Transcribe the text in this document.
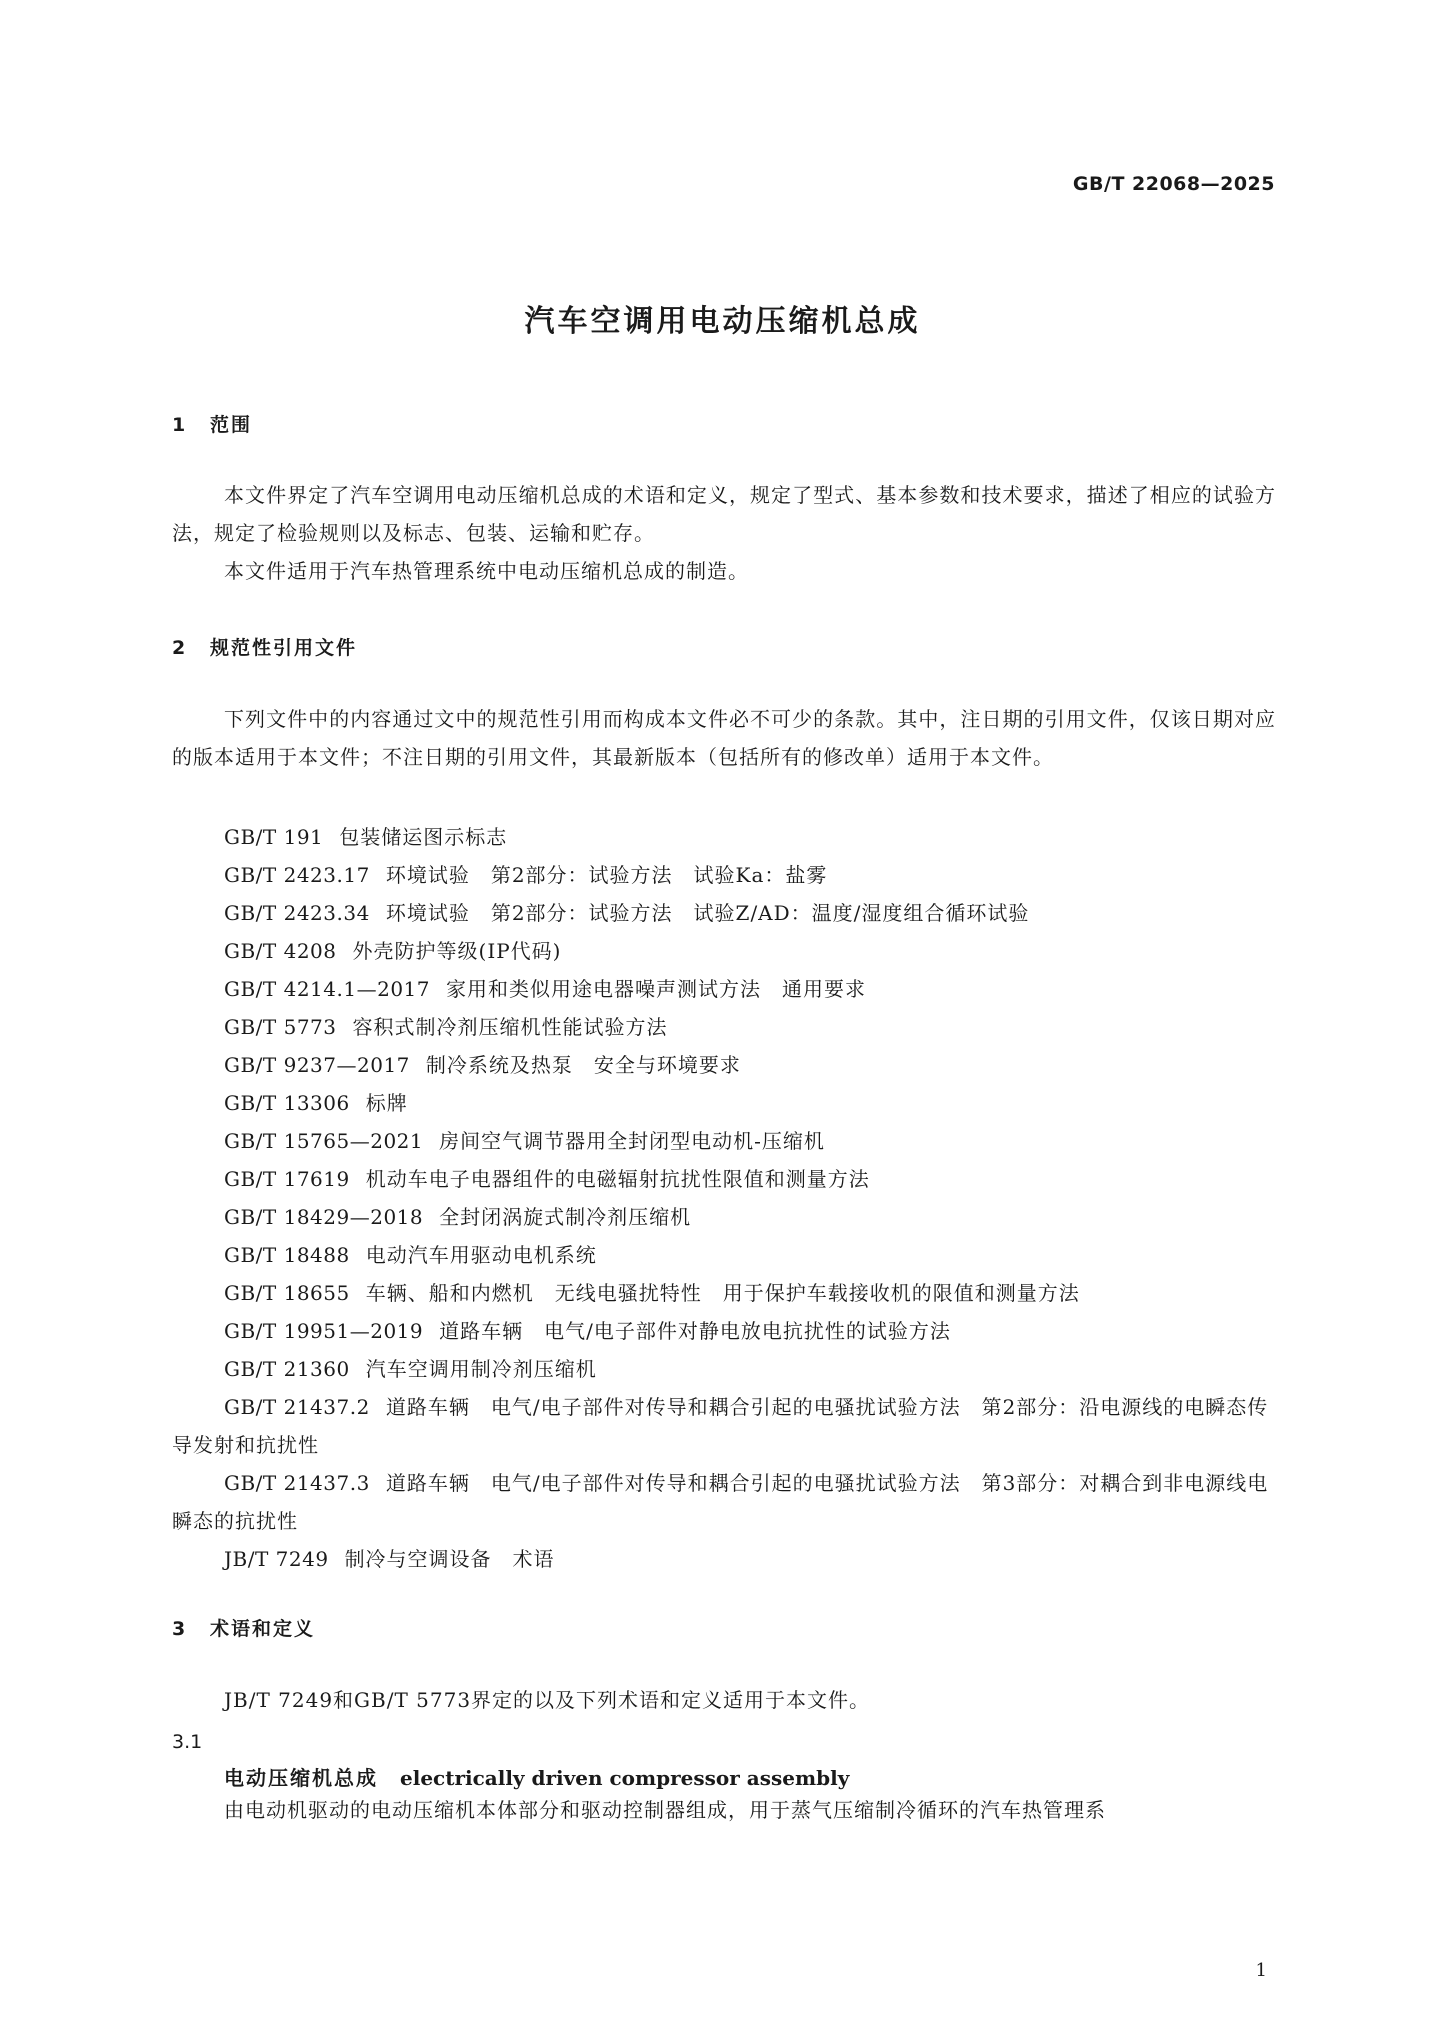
GB/T 22068—2025
汽车空调用电动压缩机总成
1 范围

本文件界定了汽车空调用电动压缩机总成的术语和定义，规定了型式、基本参数和技术要求，描述了相应的试验方法，规定了检验规则以及标志、包装、运输和贮存。

本文件适用于汽车热管理系统中电动压缩机总成的制造。

2 规范性引用文件

下列文件中的内容通过文中的规范性引用而构成本文件必不可少的条款。其中，注日期的引用文件，仅该日期对应的版本适用于本文件；不注日期的引用文件，其最新版本（包括所有的修改单）适用于本文件。

GB/T 191 包装储运图示标志
GB/T 2423.17 环境试验　第2部分：试验方法　试验Ka：盐雾
GB/T 2423.34 环境试验　第2部分：试验方法　试验Z/AD：温度/湿度组合循环试验
GB/T 4208 外壳防护等级(IP代码)
GB/T 4214.1—2017 家用和类似用途电器噪声测试方法　通用要求
GB/T 5773 容积式制冷剂压缩机性能试验方法
GB/T 9237—2017 制冷系统及热泵　安全与环境要求
GB/T 13306 标牌
GB/T 15765—2021 房间空气调节器用全封闭型电动机-压缩机
GB/T 17619 机动车电子电器组件的电磁辐射抗扰性限值和测量方法
GB/T 18429—2018 全封闭涡旋式制冷剂压缩机
GB/T 18488 电动汽车用驱动电机系统
GB/T 18655 车辆、船和内燃机　无线电骚扰特性　用于保护车载接收机的限值和测量方法
GB/T 19951—2019 道路车辆　电气/电子部件对静电放电抗扰性的试验方法
GB/T 21360 汽车空调用制冷剂压缩机
GB/T 21437.2 道路车辆　电气/电子部件对传导和耦合引起的电骚扰试验方法　第2部分：沿电源线的电瞬态传导发射和抗扰性
GB/T 21437.3 道路车辆　电气/电子部件对传导和耦合引起的电骚扰试验方法　第3部分：对耦合到非电源线电瞬态的抗扰性
JB/T 7249 制冷与空调设备　术语
3 术语和定义

JB/T 7249和GB/T 5773界定的以及下列术语和定义适用于本文件。

3.1
电动压缩机总成 electrically driven compressor assembly

由电动机驱动的电动压缩机本体部分和驱动控制器组成，用于蒸气压缩制冷循环的汽车热管理系

1
